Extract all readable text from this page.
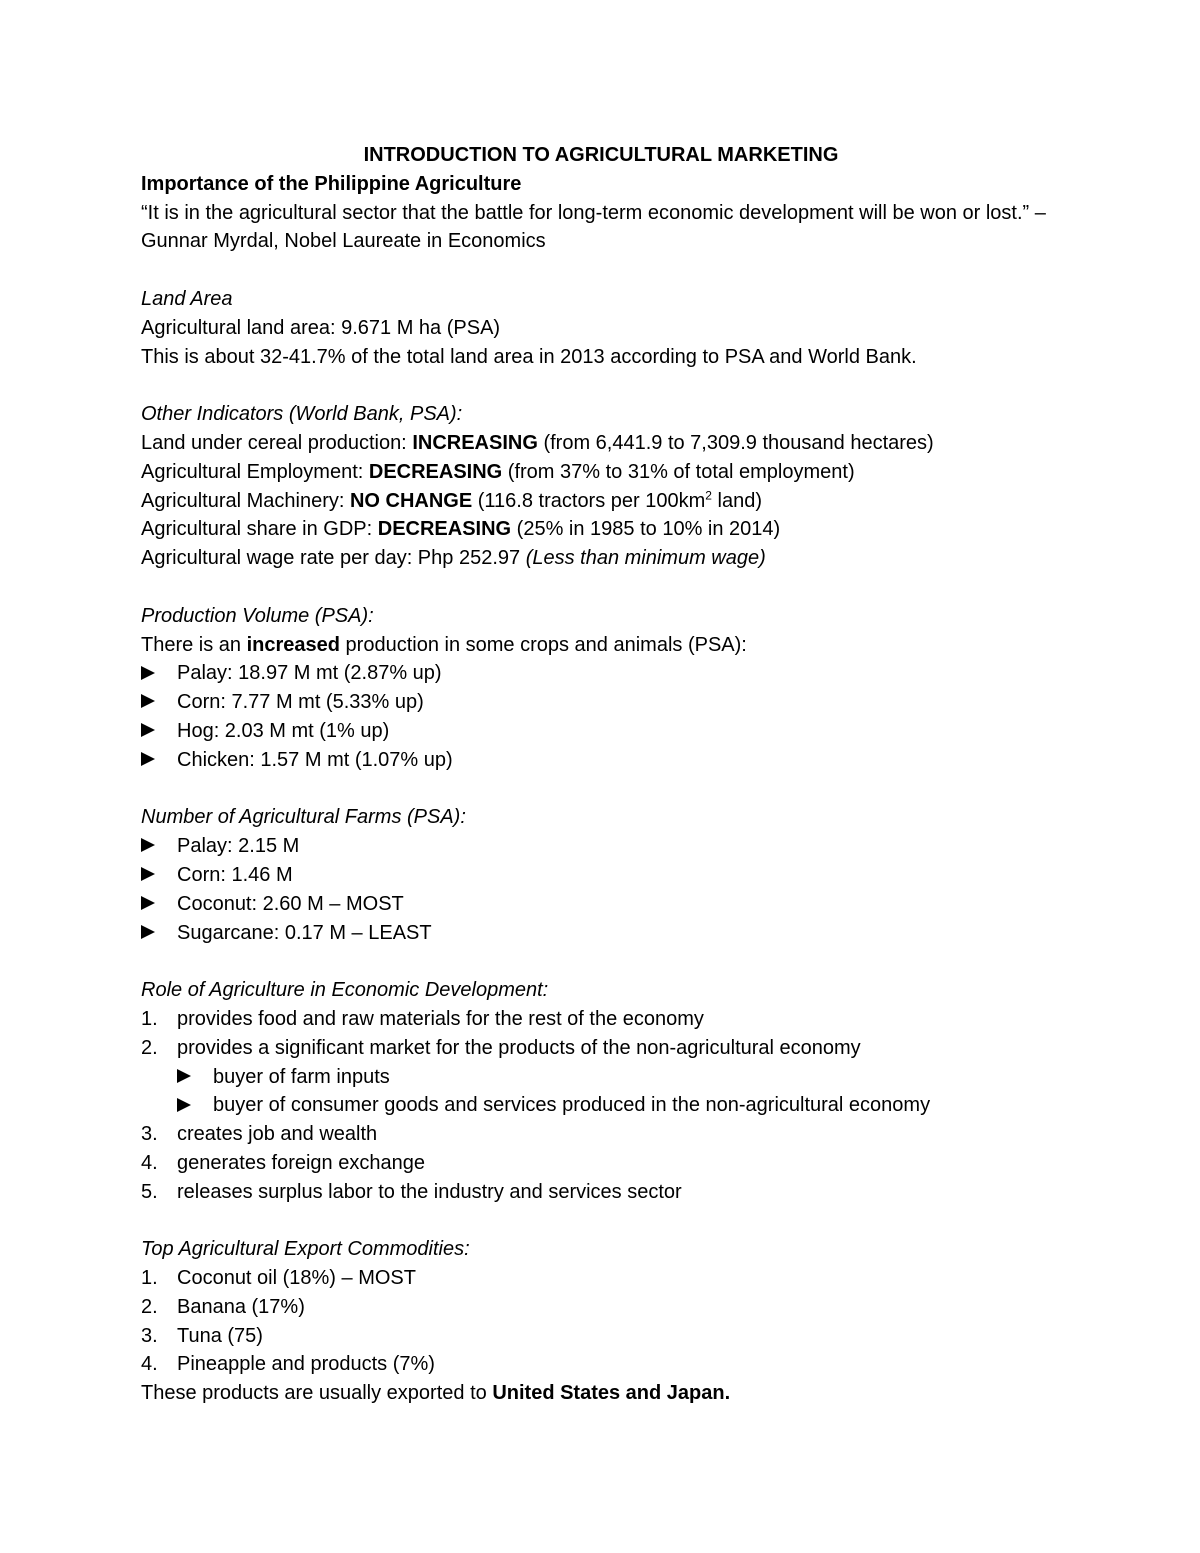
INTRODUCTION TO AGRICULTURAL MARKETING
Importance of the Philippine Agriculture
“It is in the agricultural sector that the battle for long-term economic development will be won or lost.” – Gunnar Myrdal, Nobel Laureate in Economics
Land Area
Agricultural land area: 9.671 M ha (PSA)
This is about 32-41.7% of the total land area in 2013 according to PSA and World Bank.
Other Indicators (World Bank, PSA):
Land under cereal production: INCREASING (from 6,441.9 to 7,309.9 thousand hectares)
Agricultural Employment: DECREASING (from 37% to 31% of total employment)
Agricultural Machinery: NO CHANGE (116.8 tractors per $100km^2$ land)
Agricultural share in GDP: DECREASING (25% in 1985 to 10% in 2014)
Agricultural wage rate per day: Php 252.97 (Less than minimum wage)
Production Volume (PSA):
There is an increased production in some crops and animals (PSA):
Palay: 18.97 M mt (2.87% up)
Corn: 7.77 M mt (5.33% up)
Hog: 2.03 M mt (1% up)
Chicken: 1.57 M mt (1.07% up)
Number of Agricultural Farms (PSA):
Palay: 2.15 M
Corn: 1.46 M
Coconut: 2.60 M – MOST
Sugarcane: 0.17 M – LEAST
Role of Agriculture in Economic Development:
1. provides food and raw materials for the rest of the economy
2. provides a significant market for the products of the non-agricultural economy
buyer of farm inputs
buyer of consumer goods and services produced in the non-agricultural economy
3. creates job and wealth
4. generates foreign exchange
5. releases surplus labor to the industry and services sector
Top Agricultural Export Commodities:
1. Coconut oil (18%) – MOST
2. Banana (17%)
3. Tuna (75)
4. Pineapple and products (7%)
These products are usually exported to United States and Japan.
